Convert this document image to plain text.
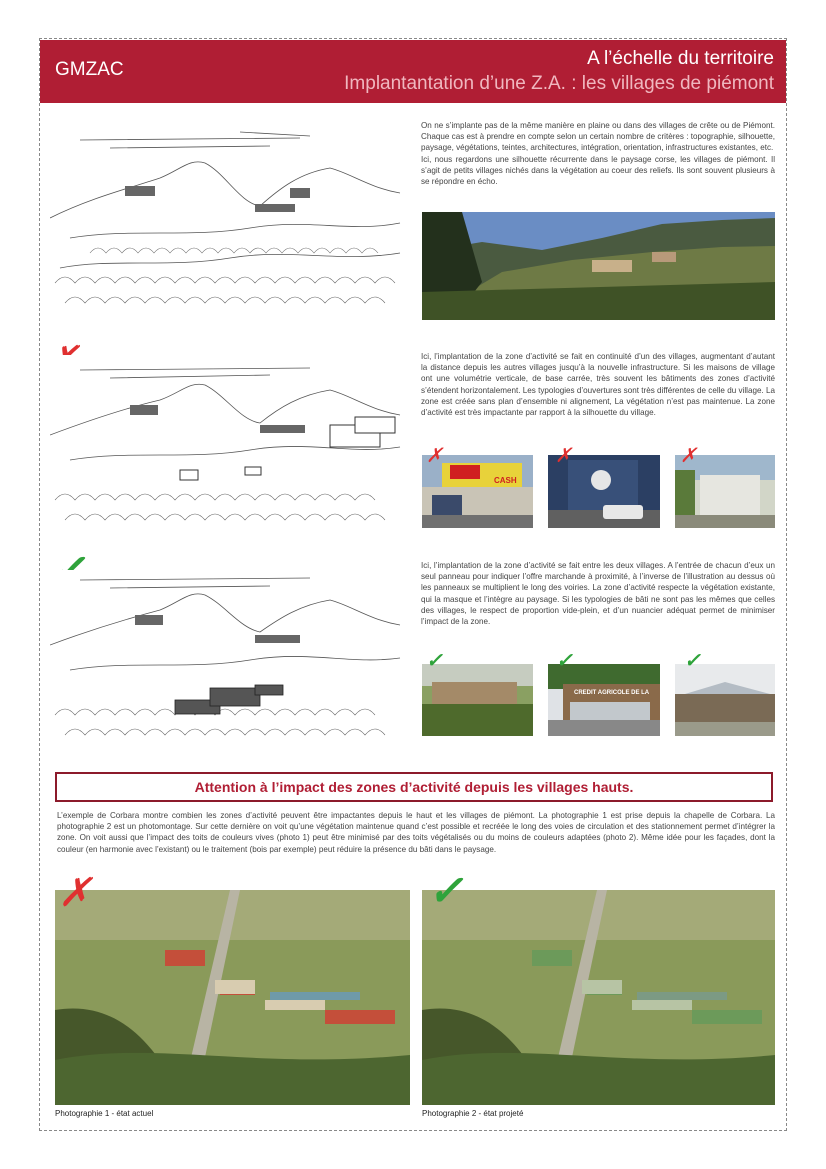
GMZAC
A l’échelle du territoire
Implantantation d’une Z.A. : les villages de piémont
On ne s’implante pas de la même manière en plaine ou dans des villages de crête ou de Piémont. Chaque cas est à prendre en compte selon un certain nombre de critères : topographie, silhouette, paysage, végétations, teintes, architectures, intégration, orientation, infrastructures existantes, etc.
Ici, nous regardons une silhouette récurrente dans le paysage corse, les villages de piémont. Il s’agit de petits villages nichés dans la végétation au coeur des reliefs. Ils sont souvent plusieurs à se répondre en écho.
✗	Ici, l’implantation de la zone d’activité se fait en continuité d’un des villages, augmentant d’autant la distance depuis les autres villages jusqu’à la nouvelle infrastructure. Si les maisons de village ont une volumétrie verticale, de base carrée, très souvent les bâtiments des zones d’activité s’étendent horizontalement. Les typologies d’ouvertures sont très différentes de celle du village. La zone est créée sans plan d’ensemble ni alignement, La végétation n’est pas maintenue. La zone d’activité est très impactante par rapport à la silhouette du village.
CASH
✗	✗	✗
✓	Ici, l’implantation de la zone d’activité se fait entre les deux villages. A l’entrée de chacun d’eux un seul panneau pour indiquer l’offre marchande à proximité, à l’inverse de l’illustration au dessus où les panneaux se multiplient le long des voiries. La zone d’activité respecte la végétation existante, qui la masque et l’intègre au paysage. Si les typologies de bâti ne sont pas les mêmes que celles des villages, le respect de proportion vide-plein, et d’un nuancier adéquat permet de minimiser l’impact de la zone.
✓
CREDIT AGRICOLE DE LA
✓	✓
Attention à l’impact des zones d’activité depuis les villages hauts.
L’exemple de Corbara montre combien les zones d’activité peuvent être impactantes depuis le haut et les villages de piémont. La photographie 1 est prise depuis la chapelle de Corbara. La photographie 2 est un photomontage. Sur cette dernière on voit qu’une végétation maintenue quand c’est possible et recréée le long des voies de circulation et des stationnement permet d’intégrer la zone. On voit aussi que l’impact des toits de couleurs vives (photo 1) peut être minimisé par des toits végétalisés ou du moins de couleurs adaptées (photo 2). Même idée pour les façades, dont la couleur (en harmonie avec l’existant) ou le traitement (bois par exemple) peut réduire la présence du bâti dans le paysage.
✗
Photographie 1 - état actuel
✓
Photographie 2 - état projeté
